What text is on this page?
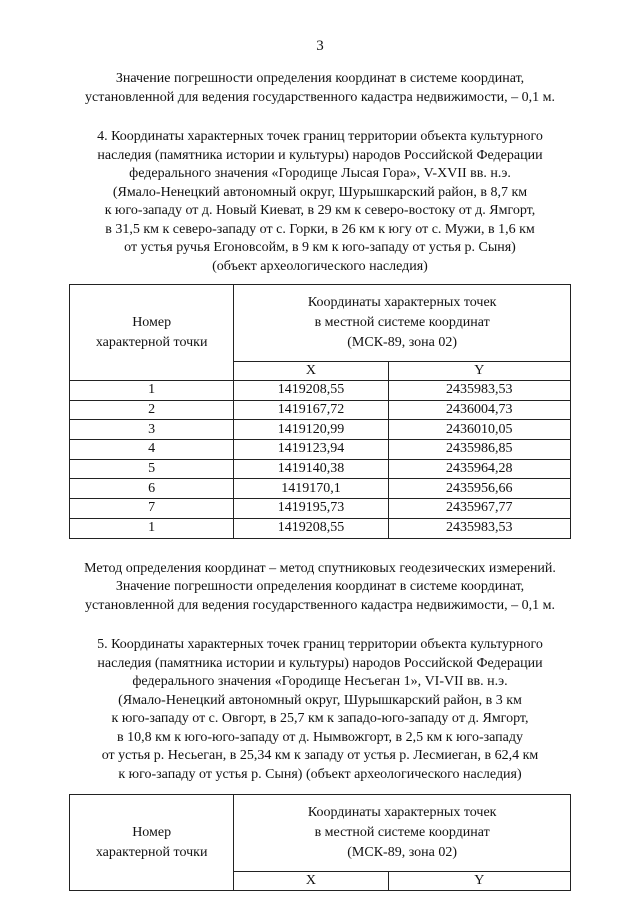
3
Значение погрешности определения координат в системе координат,
установленной для ведения государственного кадастра недвижимости, – 0,1 м.
4. Координаты характерных точек границ территории объекта культурного
наследия (памятника истории и культуры) народов Российской Федерации
федерального значения «Городище Лысая Гора», V-XVII вв. н.э.
(Ямало-Ненецкий автономный округ, Шурышкарский район, в 8,7 км
к юго-западу от д. Новый Киеват, в 29 км к северо-востоку от д. Ямгорт,
в 31,5 км к северо-западу от с. Горки, в 26 км к югу от с. Мужи, в 1,6 км
от устья ручья Егоновсойм, в 9 км к юго-западу от устья р. Сыня)
(объект археологического наследия)
Номер
характерной точки	Координаты характерных точек
в местной системе координат
(МСК-89, зона 02)	

	X	Y
1	1419208,55	2435983,53
2	1419167,72	2436004,73
3	1419120,99	2436010,05
4	1419123,94	2435986,85
5	1419140,38	2435964,28
6	1419170,1	2435956,66
7	1419195,73	2435967,77
1	1419208,55	2435983,53
Метод определения координат – метод спутниковых геодезических измерений.
Значение погрешности определения координат в системе координат,
установленной для ведения государственного кадастра недвижимости, – 0,1 м.
5. Координаты характерных точек границ территории объекта культурного
наследия (памятника истории и культуры) народов Российской Федерации
федерального значения «Городище Несъеган 1», VI-VII вв. н.э.
(Ямало-Ненецкий автономный округ, Шурышкарский район, в 3 км
к юго-западу от с. Овгорт, в 25,7 км к западо-юго-западу от д. Ямгорт,
в 10,8 км к юго-юго-западу от д. Нымвожгорт, в 2,5 км к юго-западу
от устья р. Несьеган, в 25,34 км к западу от устья р. Лесмиеган, в 62,4 км
к юго-западу от устья р. Сыня) (объект археологического наследия)
Номер
характерной точки	Координаты характерных точек
в местной системе координат
(МСК-89, зона 02)	

	X	Y
